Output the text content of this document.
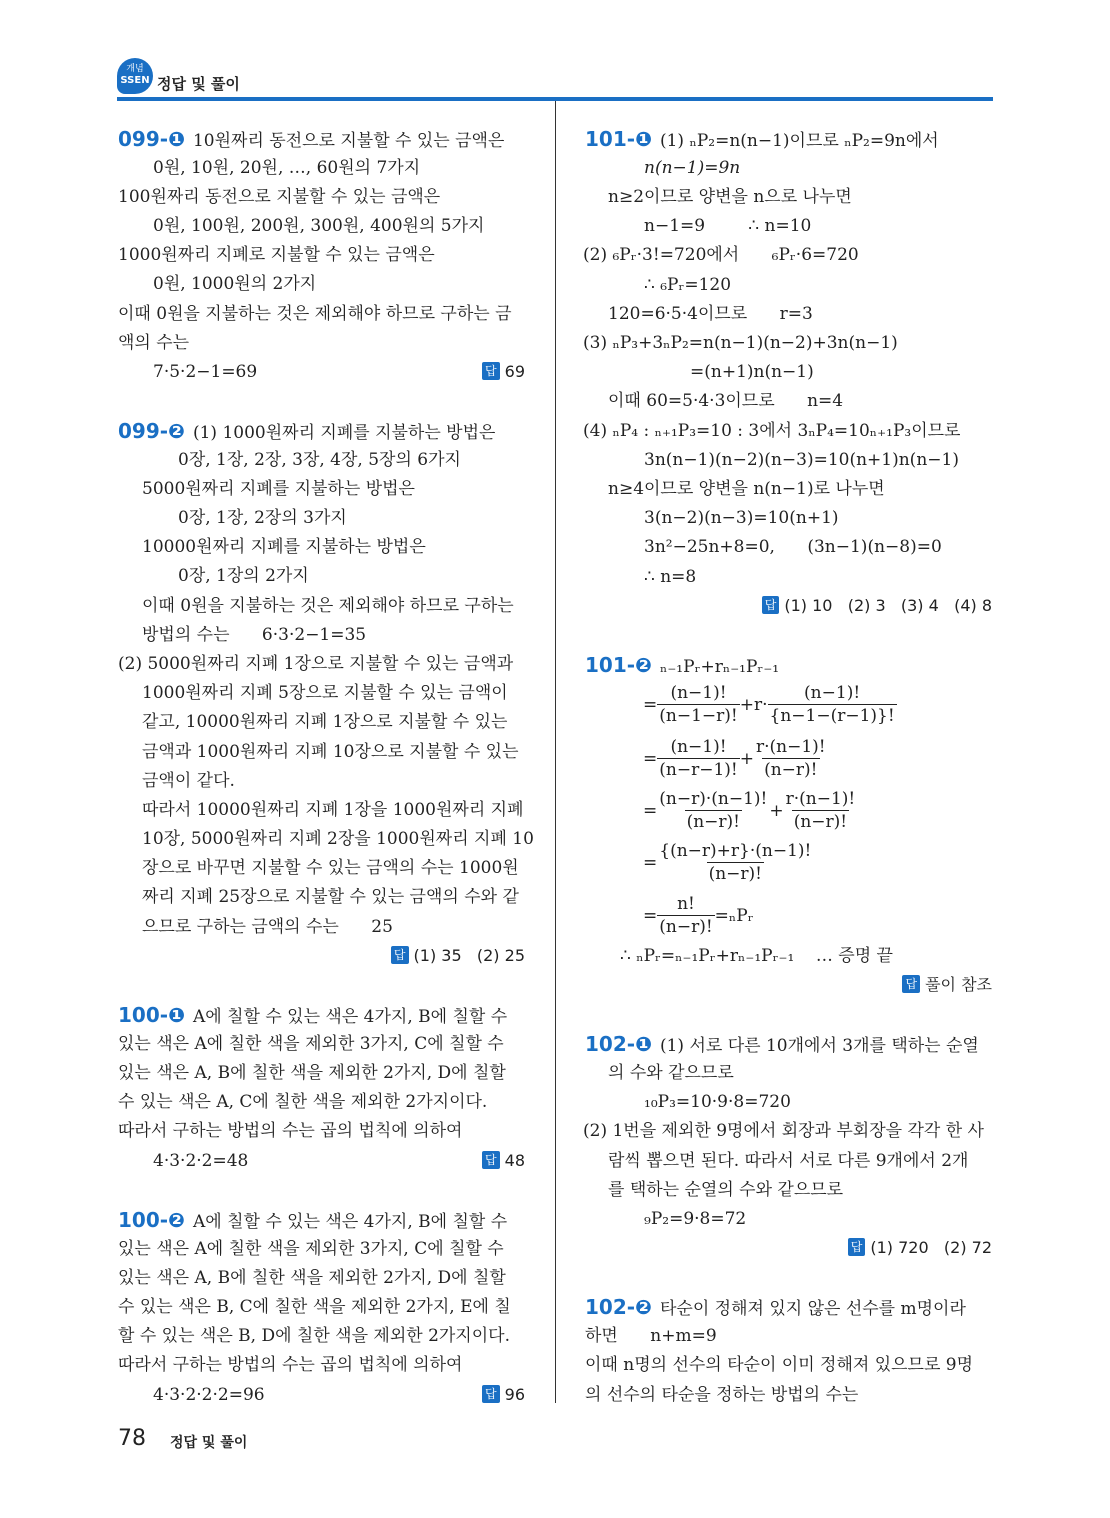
개념
SSEN 정답 및 풀이
099-❶ 10원짜리 동전으로 지불할 수 있는 금액은
0원, 10원, 20원, …, 60원의 7가지
100원짜리 동전으로 지불할 수 있는 금액은
0원, 100원, 200원, 300원, 400원의 5가지
1000원짜리 지폐로 지불할 수 있는 금액은
0원, 1000원의 2가지
이때 0원을 지불하는 것은 제외해야 하므로 구하는 금
액의 수는
7·5·2−1=69	답 69
099-❷ (1) 1000원짜리 지폐를 지불하는 방법은
0장, 1장, 2장, 3장, 4장, 5장의 6가지
5000원짜리 지폐를 지불하는 방법은
0장, 1장, 2장의 3가지
10000원짜리 지폐를 지불하는 방법은
0장, 1장의 2가지
이때 0원을 지불하는 것은 제외해야 하므로 구하는
방법의 수는      6·3·2−1=35
(2) 5000원짜리 지폐 1장으로 지불할 수 있는 금액과
1000원짜리 지폐 5장으로 지불할 수 있는 금액이
같고, 10000원짜리 지폐 1장으로 지불할 수 있는
금액과 1000원짜리 지폐 10장으로 지불할 수 있는
금액이 같다.
따라서 10000원짜리 지폐 1장을 1000원짜리 지폐
10장, 5000원짜리 지폐 2장을 1000원짜리 지폐 10
장으로 바꾸면 지불할 수 있는 금액의 수는 1000원
짜리 지폐 25장으로 지불할 수 있는 금액의 수와 같
으므로 구하는 금액의 수는      25
답 (1) 35   (2) 25
100-❶ A에 칠할 수 있는 색은 4가지, B에 칠할 수
있는 색은 A에 칠한 색을 제외한 3가지, C에 칠할 수
있는 색은 A, B에 칠한 색을 제외한 2가지, D에 칠할
수 있는 색은 A, C에 칠한 색을 제외한 2가지이다.
따라서 구하는 방법의 수는 곱의 법칙에 의하여
4·3·2·2=48	답 48
100-❷ A에 칠할 수 있는 색은 4가지, B에 칠할 수
있는 색은 A에 칠한 색을 제외한 3가지, C에 칠할 수
있는 색은 A, B에 칠한 색을 제외한 2가지, D에 칠할
수 있는 색은 B, C에 칠한 색을 제외한 2가지, E에 칠
할 수 있는 색은 B, D에 칠한 색을 제외한 2가지이다.
따라서 구하는 방법의 수는 곱의 법칙에 의하여
4·3·2·2·2=96	답 96
101-❶ (1) ₙP₂=n(n−1)이므로 ₙP₂=9n에서
n(n−1)=9n
n≥2이므로 양변을 n으로 나누면
n−1=9        ∴ n=10
(2) ₆Pᵣ·3!=720에서      ₆Pᵣ·6=720
∴ ₆Pᵣ=120
120=6·5·4이므로      r=3
(3) ₙP₃+3ₙP₂=n(n−1)(n−2)+3n(n−1)
=(n+1)n(n−1)
이때 60=5·4·3이므로      n=4
(4) ₙP₄ : ₙ₊₁P₃=10 : 3에서 3ₙP₄=10ₙ₊₁P₃이므로
3n(n−1)(n−2)(n−3)=10(n+1)n(n−1)
n≥4이므로 양변을 n(n−1)로 나누면
3(n−2)(n−3)=10(n+1)
3n²−25n+8=0,      (3n−1)(n−8)=0
∴ n=8
답 (1) 10   (2) 3   (3) 4   (4) 8
101-❷ ₙ₋₁Pᵣ+rₙ₋₁Pᵣ₋₁
= $\frac{(n-1)!}{(n-1-r)!} +r\cdot \frac{(n-1)!}{\{n-1-(r-1)\}!}$
= $\frac{(n-1)!}{(n-r-1)!} + \frac{r\cdot(n-1)!}{(n-r)!}$
= $\frac{(n-r)\cdot(n-1)!}{(n-r)!} + \frac{r\cdot(n-1)!}{(n-r)!}$
= $\frac{\{(n-r)+r\}\cdot(n-1)!}{(n-r)!}$
= $\frac{n!}{(n-r)!}$ =ₙPᵣ
∴ ₙPᵣ=ₙ₋₁Pᵣ+rₙ₋₁Pᵣ₋₁    … 증명 끝
답 풀이 참조
102-❶ (1) 서로 다른 10개에서 3개를 택하는 순열
의 수와 같으므로
₁₀P₃=10·9·8=720
(2) 1번을 제외한 9명에서 회장과 부회장을 각각 한 사
람씩 뽑으면 된다. 따라서 서로 다른 9개에서 2개
를 택하는 순열의 수와 같으므로
₉P₂=9·8=72
답 (1) 720   (2) 72
102-❷ 타순이 정해져 있지 않은 선수를 m명이라
하면      n+m=9
이때 n명의 선수의 타순이 이미 정해져 있으므로 9명
의 선수의 타순을 정하는 방법의 수는
78 정답 및 풀이
